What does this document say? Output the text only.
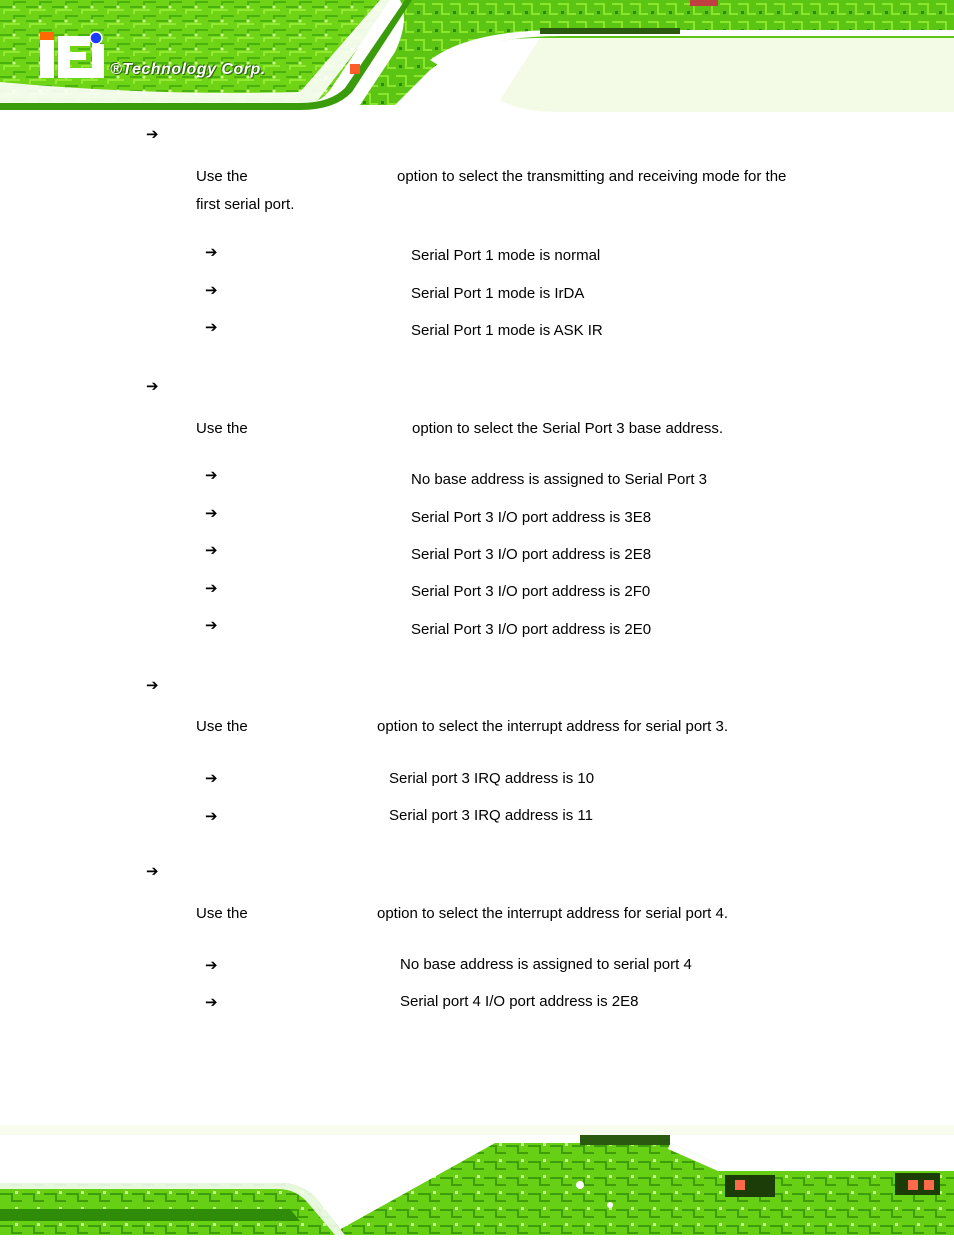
®Technology Corp.
➔
Use the	option to select the transmitting and receiving mode for the
first serial port.
➔	Serial Port 1 mode is normal
➔	Serial Port 1 mode is IrDA
➔	Serial Port 1 mode is ASK IR
➔
Use the	option to select the Serial Port 3 base address.
➔	No base address is assigned to Serial Port 3
➔	Serial Port 3 I/O port address is 3E8
➔	Serial Port 3 I/O port address is 2E8
➔	Serial Port 3 I/O port address is 2F0
➔	Serial Port 3 I/O port address is 2E0
➔
Use the	option to select the interrupt address for serial port 3.
➔	Serial port 3 IRQ address is 10
➔	Serial port 3 IRQ address is 11
➔
Use the	option to select the interrupt address for serial port 4.
➔	No base address is assigned to serial port 4
➔	Serial port 4 I/O port address is 2E8
